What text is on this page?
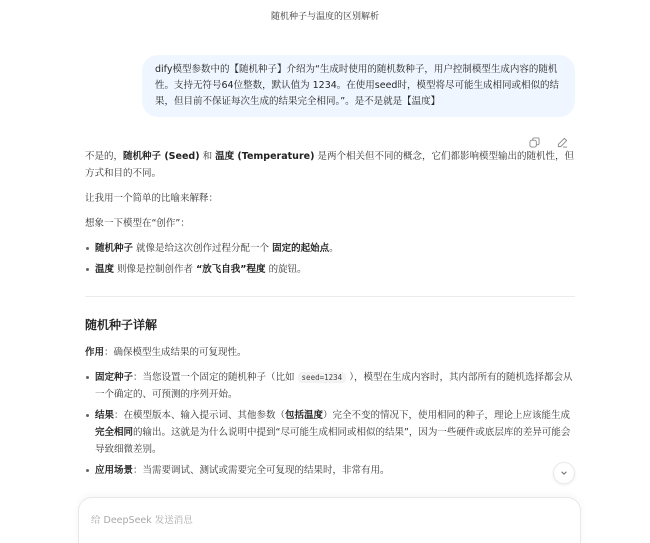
随机种子与温度的区别解析
dify模型参数中的【随机种子】介绍为“生成时使用的随机数种子，用户控制模型生成内容的随机性。支持无符号64位整数，默认值为 1234。在使用seed时，模型将尽可能生成相同或相似的结果，但目前不保证每次生成的结果完全相同。”。是不是就是【温度】

不是的，随机种子 (Seed) 和 温度 (Temperature) 是两个相关但不同的概念，它们都影响模型输出的随机性，但方式和目的不同。

让我用一个简单的比喻来解释：

想象一下模型在“创作”：

随机种子 就像是给这次创作过程分配一个 固定的起始点。
温度 则像是控制创作者 “放飞自我”程度 的旋钮。
随机种子详解

作用：确保模型生成结果的可复现性。

固定种子：当您设置一个固定的随机种子（比如 seed=1234 ），模型在生成内容时，其内部所有的随机选择都会从一个确定的、可预测的序列开始。
结果：在模型版本、输入提示词、其他参数（包括温度）完全不变的情况下，使用相同的种子，理论上应该能生成完全相同的输出。这就是为什么说明中提到“尽可能生成相同或相似的结果”，因为一些硬件或底层库的差异可能会导致细微差别。
应用场景：当需要调试、测试或需要完全可复现的结果时，非常有用。
给 DeepSeek 发送消息
